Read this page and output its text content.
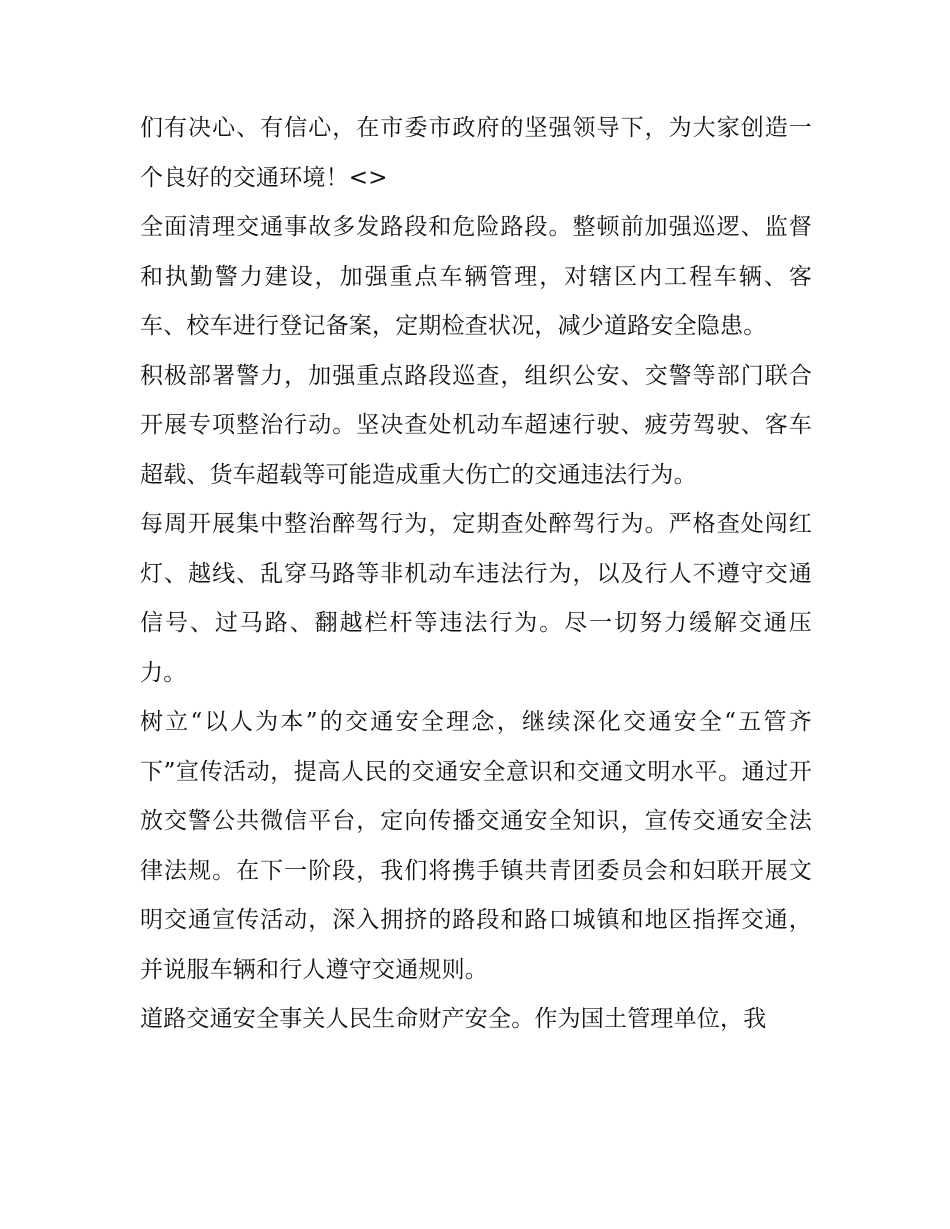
们有决心、有信心，在市委市政府的坚强领导下，为大家创造一个良好的交通环境！<>

全面清理交通事故多发路段和危险路段。整顿前加强巡逻、监督和执勤警力建设，加强重点车辆管理，对辖区内工程车辆、客车、校车进行登记备案，定期检查状况，减少道路安全隐患。

积极部署警力，加强重点路段巡查，组织公安、交警等部门联合开展专项整治行动。坚决查处机动车超速行驶、疲劳驾驶、客车超载、货车超载等可能造成重大伤亡的交通违法行为。

每周开展集中整治醉驾行为，定期查处醉驾行为。严格查处闯红灯、越线、乱穿马路等非机动车违法行为，以及行人不遵守交通信号、过马路、翻越栏杆等违法行为。尽一切努力缓解交通压力。

树立“以人为本”的交通安全理念，继续深化交通安全“五管齐下”宣传活动，提高人民的交通安全意识和交通文明水平。通过开放交警公共微信平台，定向传播交通安全知识，宣传交通安全法律法规。在下一阶段，我们将携手镇共青团委员会和妇联开展文明交通宣传活动，深入拥挤的路段和路口城镇和地区指挥交通，并说服车辆和行人遵守交通规则。

道路交通安全事关人民生命财产安全。作为国土管理单位，我
